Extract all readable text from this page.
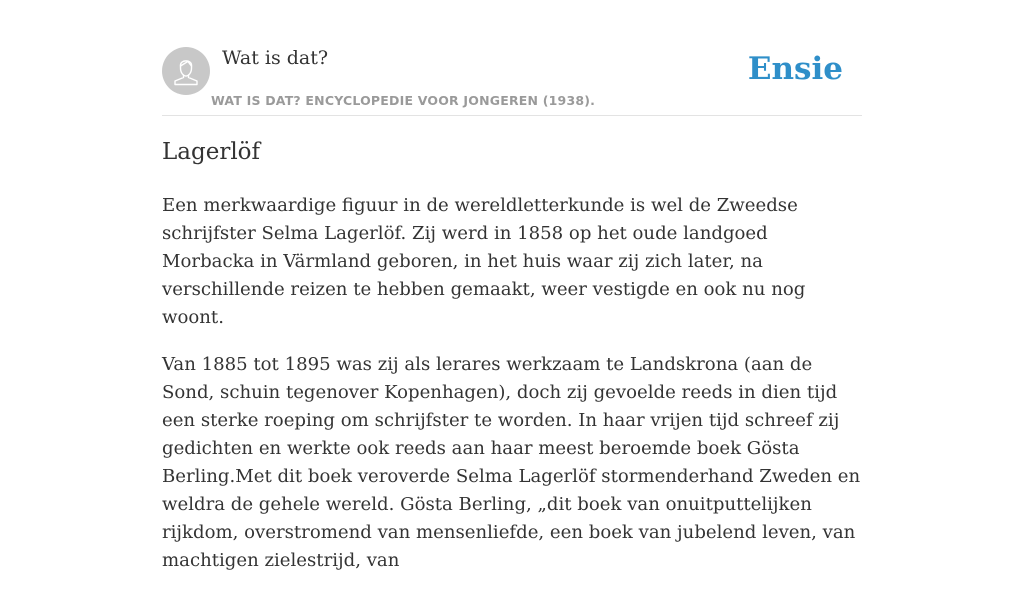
Wat is dat?
WAT IS DAT? ENCYCLOPEDIE VOOR JONGEREN (1938).
Ensie
Lagerlöf

Een merkwaardige figuur in de wereldletterkunde is wel de Zweedse schrijfster Selma Lagerlöf. Zij werd in 1858 op het oude landgoed Morbacka in Värmland geboren, in het huis waar zij zich later, na verschillende reizen te hebben gemaakt, weer vestigde en ook nu nog woont.

Van 1885 tot 1895 was zij als lerares werkzaam te Landskrona (aan de Sond, schuin tegenover Kopenhagen), doch zij gevoelde reeds in dien tijd een sterke roeping om schrijfster te worden. In haar vrijen tijd schreef zij gedichten en werkte ook reeds aan haar meest beroemde boek Gösta Berling.Met dit boek veroverde Selma Lagerlöf stormenderhand Zweden en weldra de gehele wereld. Gösta Berling, „dit boek van onuitputtelijken rijkdom, overstromend van mensenliefde, een boek van jubelend leven, van machtigen zielestrijd, van
